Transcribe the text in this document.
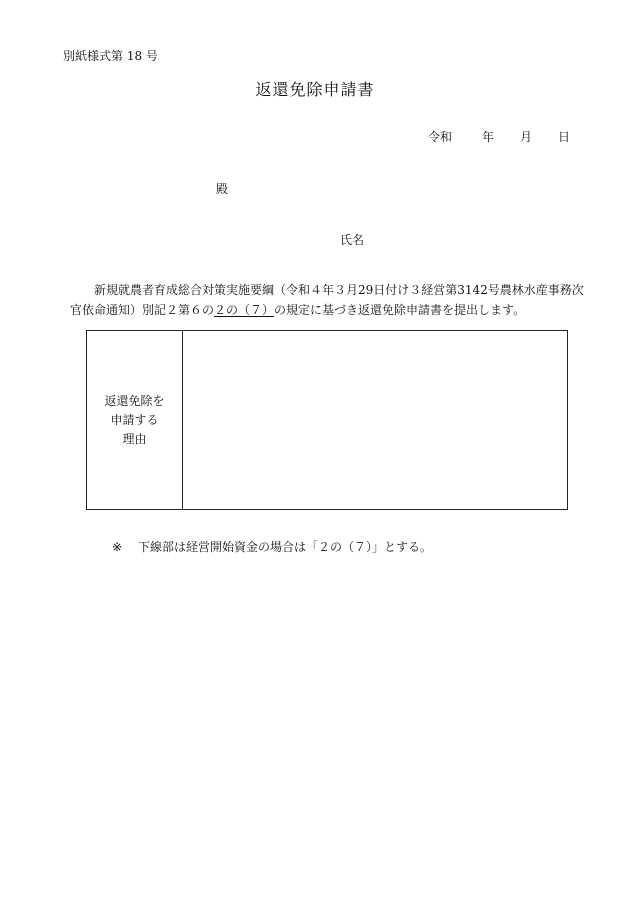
別紙様式第 18 号
返還免除申請書
令和	年	月	日
殿
氏名
新規就農者育成総合対策実施要綱（令和４年３月29日付け３経営第3142号農林水産事務次官依命通知）別記２第６の２の（７）の規定に基づき返還免除申請書を提出します。
返還免除を
申請する
理由
※ 下線部は経営開始資金の場合は「２の（７）」とする。
